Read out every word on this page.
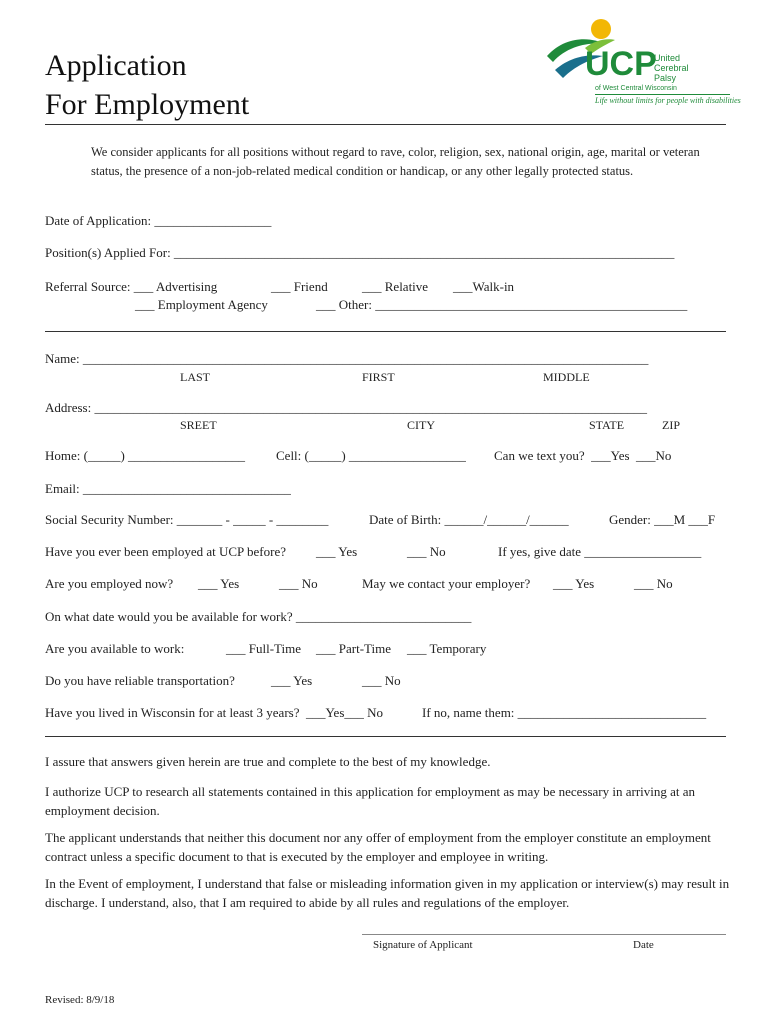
Application
For Employment
UCP
United
Cerebral
Palsy
of West Central Wisconsin
Life without limits for people with disabilities
We consider applicants for all positions without regard to rave, color, religion, sex, national origin, age, marital or veteran status, the presence of a non-job-related medical condition or handicap, or any other legally protected status.
Date of Application: __________________
Position(s) Applied For: _____________________________________________________________________________
Referral Source: ___ Advertising	___ Friend	___ Relative ___Walk-in
___ Employment Agency	___ Other: ________________________________________________
Name: _______________________________________________________________________________________
LAST	FIRST	MIDDLE
Address: _____________________________________________________________________________________
SREET	CITY	STATE	ZIP
Home: (_____) __________________ Cell: (_____) __________________ Can we text you?  ___Yes  ___No
Email: ________________________________
Social Security Number: _______ - _____ - ________	Date of Birth: ______/______/______	Gender: ___M ___F
Have you ever been employed at UCP before? ___ Yes	___ No	If yes, give date __________________
Are you employed now? ___ Yes	___ No	May we contact your employer? ___ Yes	___ No
On what date would you be available for work? ___________________________
Are you available to work:	___ Full-Time ___ Part-Time ___ Temporary
Do you have reliable transportation?	___ Yes	___ No
Have you lived in Wisconsin for at least 3 years?  ___Yes___ No	If no, name them: _____________________________
I assure that answers given herein are true and complete to the best of my knowledge.
I authorize UCP to research all statements contained in this application for employment as may be necessary in arriving at an employment decision.
The applicant understands that neither this document nor any offer of employment from the employer constitute an employment contract unless a specific document to that is executed by the employer and employee in writing.
In the Event of employment, I understand that false or misleading information given in my application or interview(s) may result in discharge. I understand, also, that I am required to abide by all rules and regulations of the employer.
Signature of Applicant	Date
Revised: 8/9/18
